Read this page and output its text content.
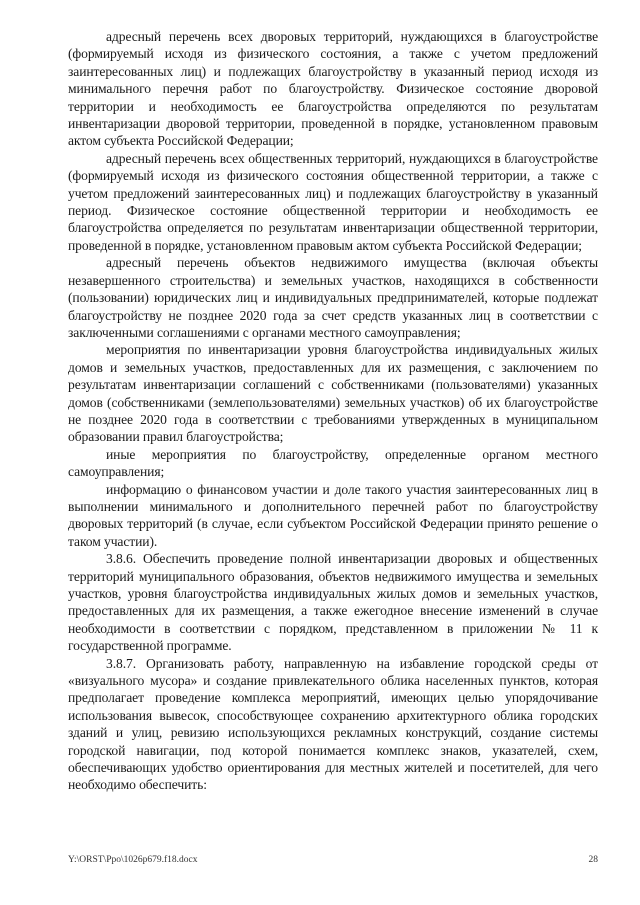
адресный перечень всех дворовых территорий, нуждающихся в благоустройстве (формируемый исходя из физического состояния, а также с учетом предложений заинтересованных лиц) и подлежащих благоустройству в указанный период исходя из минимального перечня работ по благоустройству. Физическое состояние дворовой территории и необходимость ее благоустройства определяются по результатам инвентаризации дворовой территории, проведенной в порядке, установленном правовым актом субъекта Российской Федерации;

адресный перечень всех общественных территорий, нуждающихся в благоустройстве (формируемый исходя из физического состояния общественной территории, а также с учетом предложений заинтересованных лиц) и подлежащих благоустройству в указанный период. Физическое состояние общественной территории и необходимость ее благоустройства определяется по результатам инвентаризации общественной территории, проведенной в порядке, установленном правовым актом субъекта Российской Федерации;

адресный перечень объектов недвижимого имущества (включая объекты незавершенного строительства) и земельных участков, находящихся в собственности (пользовании) юридических лиц и индивидуальных предпринимателей, которые подлежат благоустройству не позднее 2020 года за счет средств указанных лиц в соответствии с заключенными соглашениями с органами местного самоуправления;

мероприятия по инвентаризации уровня благоустройства индивидуальных жилых домов и земельных участков, предоставленных для их размещения, с заключением по результатам инвентаризации соглашений с собственниками (пользователями) указанных домов (собственниками (землепользователями) земельных участков) об их благоустройстве не позднее 2020 года в соответствии с требованиями утвержденных в муниципальном образовании правил благоустройства;

иные мероприятия по благоустройству, определенные органом местного самоуправления;

информацию о финансовом участии и доле такого участия заинтересованных лиц в выполнении минимального и дополнительного перечней работ по благоустройству дворовых территорий (в случае, если субъектом Российской Федерации принято решение о таком участии).

3.8.6. Обеспечить проведение полной инвентаризации дворовых и общественных территорий муниципального образования, объектов недвижимого имущества и земельных участков, уровня благоустройства индивидуальных жилых домов и земельных участков, предоставленных для их размещения, а также ежегодное внесение изменений в случае необходимости в соответствии с порядком, представленном в приложении № 11 к государственной программе.

3.8.7. Организовать работу, направленную на избавление городской среды от «визуального мусора» и создание привлекательного облика населенных пунктов, которая предполагает проведение комплекса мероприятий, имеющих целью упорядочивание использования вывесок, способствующее сохранению архитектурного облика городских зданий и улиц, ревизию использующихся рекламных конструкций, создание системы городской навигации, под которой понимается комплекс знаков, указателей, схем, обеспечивающих удобство ориентирования для местных жителей и посетителей, для чего необходимо обеспечить:

Y:\ORST\Ppo\1026p679.f18.docx	28
